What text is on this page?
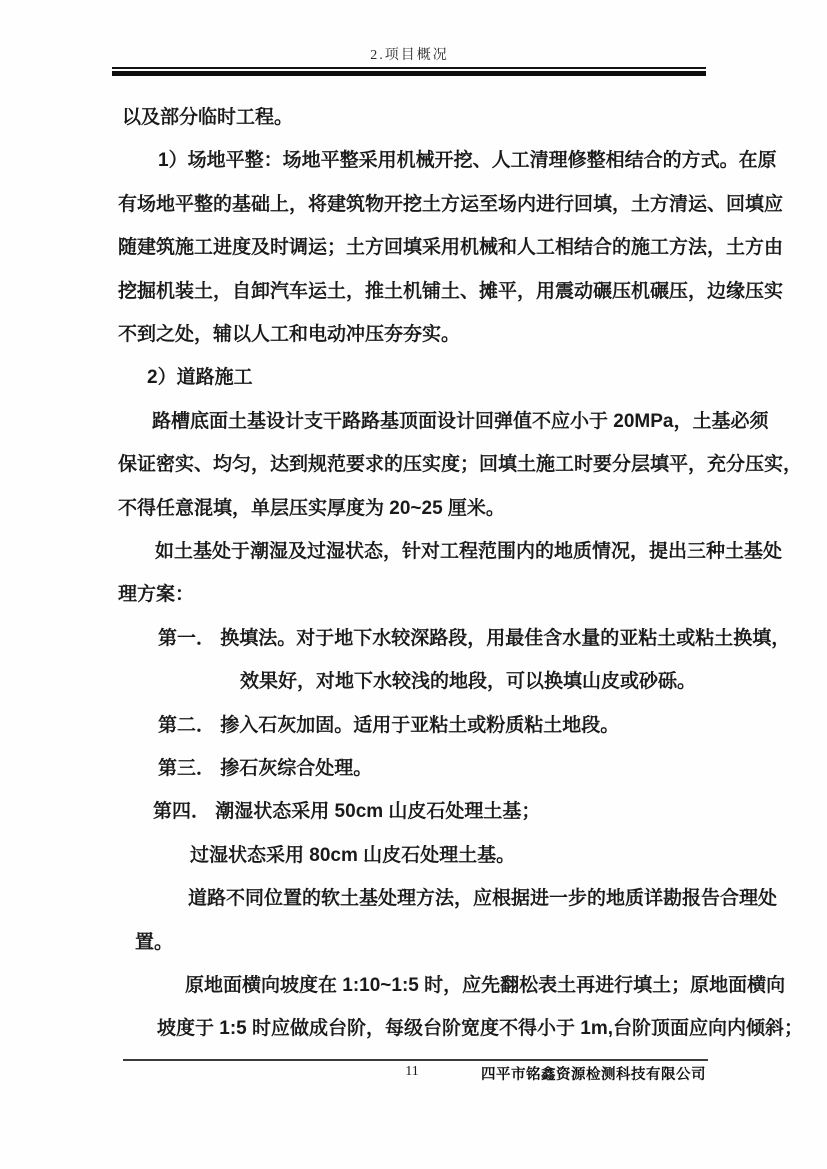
2.项目概况
以及部分临时工程。
1）场地平整：场地平整采用机械开挖、人工清理修整相结合的方式。在原
有场地平整的基础上，将建筑物开挖土方运至场内进行回填，土方清运、回填应
随建筑施工进度及时调运；土方回填采用机械和人工相结合的施工方法，土方由
挖掘机装土，自卸汽车运土，推土机铺土、摊平，用震动碾压机碾压，边缘压实
不到之处，辅以人工和电动冲压夯夯实。
2）道路施工
路槽底面土基设计支干路路基顶面设计回弹值不应小于 20MPa，土基必须
保证密实、均匀，达到规范要求的压实度；回填土施工时要分层填平，充分压实，
不得任意混填，单层压实厚度为 20~25 厘米。
如土基处于潮湿及过湿状态，针对工程范围内的地质情况，提出三种土基处
理方案：
第一． 换填法。对于地下水较深路段，用最佳含水量的亚粘土或粘土换填，
效果好，对地下水较浅的地段，可以换填山皮或砂砾。
第二． 掺入石灰加固。适用于亚粘土或粉质粘土地段。
第三． 掺石灰综合处理。
第四． 潮湿状态采用 50cm 山皮石处理土基；
过湿状态采用 80cm 山皮石处理土基。
道路不同位置的软土基处理方法，应根据进一步的地质详勘报告合理处
置。
原地面横向坡度在 1:10~1:5 时，应先翻松表土再进行填土；原地面横向
坡度于 1:5 时应做成台阶，每级台阶宽度不得小于 1m,台阶顶面应向内倾斜；
11	四平市铭鑫资源检测科技有限公司
